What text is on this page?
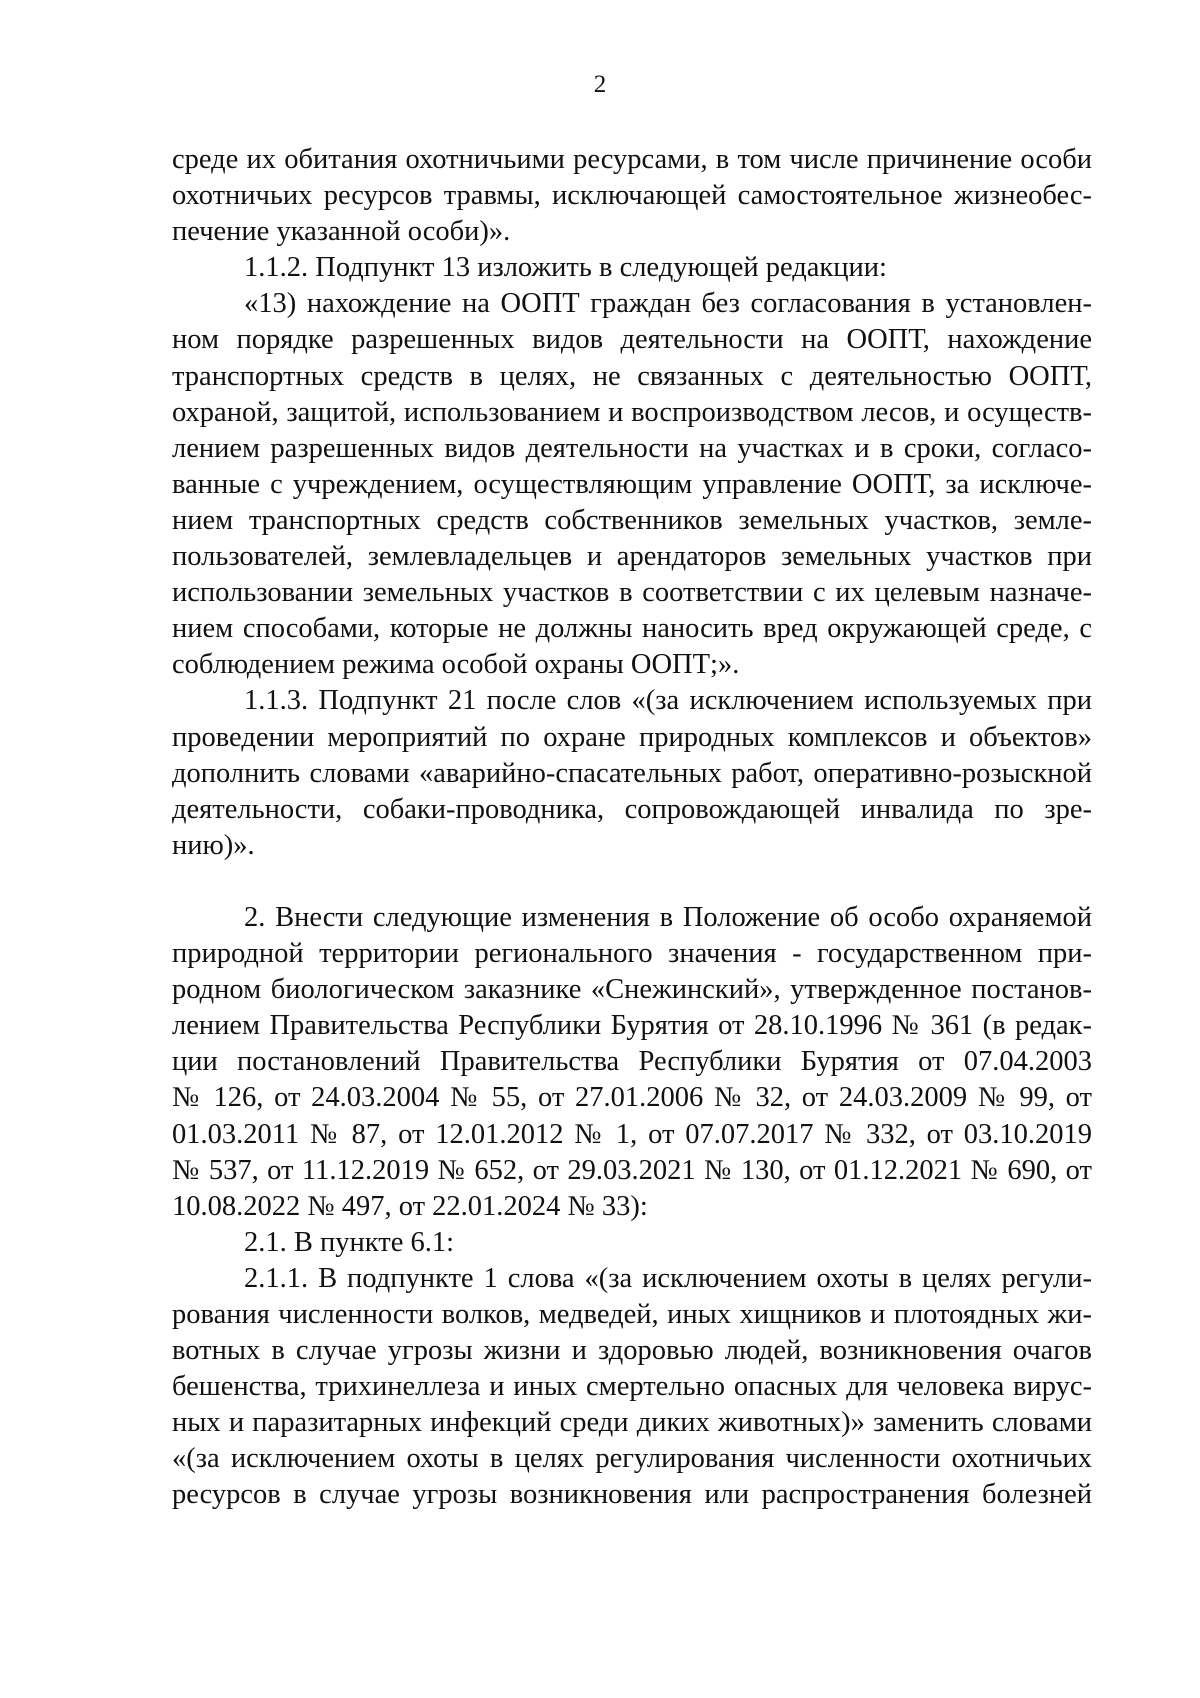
2
среде их обитания охотничьими ресурсами, в том числе причинение особи
охотничьих ресурсов травмы, исключающей самостоятельное жизнеобес-
печение указанной особи)».
1.1.2. Подпункт 13 изложить в следующей редакции:
«13) нахождение на ООПТ граждан без согласования в установлен-
ном порядке разрешенных видов деятельности на ООПТ, нахождение
транспортных средств в целях, не связанных с деятельностью ООПТ,
охраной, защитой, использованием и воспроизводством лесов, и осуществ-
лением разрешенных видов деятельности на участках и в сроки, согласо-
ванные с учреждением, осуществляющим управление ООПТ, за исключе-
нием транспортных средств собственников земельных участков, земле-
пользователей, землевладельцев и арендаторов земельных участков при
использовании земельных участков в соответствии с их целевым назначе-
нием способами, которые не должны наносить вред окружающей среде, с
соблюдением режима особой охраны ООПТ;».
1.1.3. Подпункт 21 после слов «(за исключением используемых при
проведении мероприятий по охране природных комплексов и объектов»
дополнить словами «аварийно-спасательных работ, оперативно-розыскной
деятельности, собаки-проводника, сопровождающей инвалида по зре-
нию)».
2. Внести следующие изменения в Положение об особо охраняемой
природной территории регионального значения - государственном при-
родном биологическом заказнике «Снежинский», утвержденное постанов-
лением Правительства Республики Бурятия от 28.10.1996 № 361 (в редак-
ции постановлений Правительства Республики Бурятия от 07.04.2003
№ 126, от 24.03.2004 № 55, от 27.01.2006 № 32, от 24.03.2009 № 99, от
01.03.2011 № 87, от 12.01.2012 № 1, от 07.07.2017 № 332, от 03.10.2019
№ 537, от 11.12.2019 № 652, от 29.03.2021 № 130, от 01.12.2021 № 690, от
10.08.2022 № 497, от 22.01.2024 № 33):
2.1. В пункте 6.1:
2.1.1. В подпункте 1 слова «(за исключением охоты в целях регули-
рования численности волков, медведей, иных хищников и плотоядных жи-
вотных в случае угрозы жизни и здоровью людей, возникновения очагов
бешенства, трихинеллеза и иных смертельно опасных для человека вирус-
ных и паразитарных инфекций среди диких животных)» заменить словами
«(за исключением охоты в целях регулирования численности охотничьих
ресурсов в случае угрозы возникновения или распространения болезней
